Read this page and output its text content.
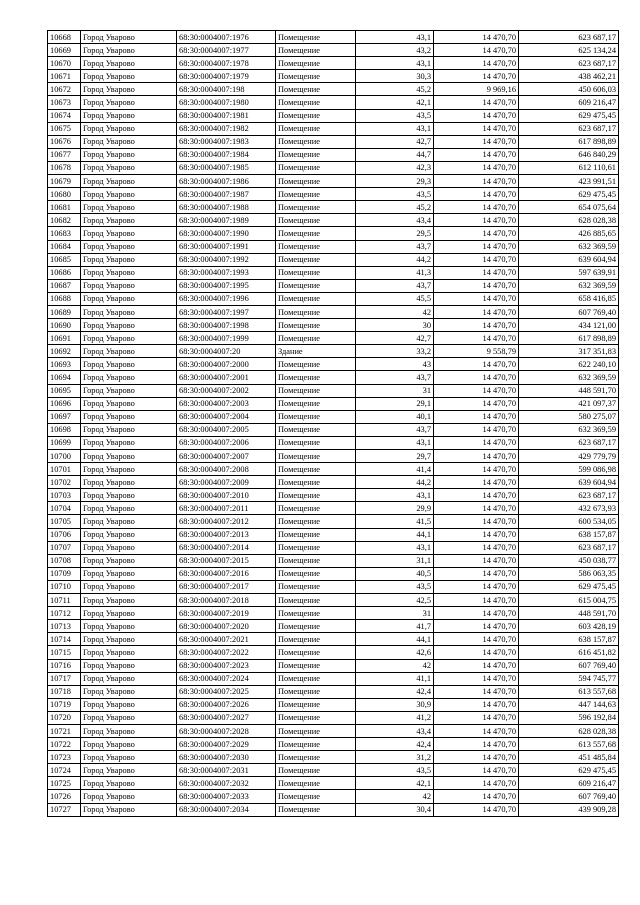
10668	Город Уварово	68:30:0004007:1976	Помещение	43,1	14 470,70	623 687,17
10669	Город Уварово	68:30:0004007:1977	Помещение	43,2	14 470,70	625 134,24
10670	Город Уварово	68:30:0004007:1978	Помещение	43,1	14 470,70	623 687,17
10671	Город Уварово	68:30:0004007:1979	Помещение	30,3	14 470,70	438 462,21
10672	Город Уварово	68:30:0004007:198	Помещение	45,2	9 969,16	450 606,03
10673	Город Уварово	68:30:0004007:1980	Помещение	42,1	14 470,70	609 216,47
10674	Город Уварово	68:30:0004007:1981	Помещение	43,5	14 470,70	629 475,45
10675	Город Уварово	68:30:0004007:1982	Помещение	43,1	14 470,70	623 687,17
10676	Город Уварово	68:30:0004007:1983	Помещение	42,7	14 470,70	617 898,89
10677	Город Уварово	68:30:0004007:1984	Помещение	44,7	14 470,70	646 840,29
10678	Город Уварово	68:30:0004007:1985	Помещение	42,3	14 470,70	612 110,61
10679	Город Уварово	68:30:0004007:1986	Помещение	29,3	14 470,70	423 991,51
10680	Город Уварово	68:30:0004007:1987	Помещение	43,5	14 470,70	629 475,45
10681	Город Уварово	68:30:0004007:1988	Помещение	45,2	14 470,70	654 075,64
10682	Город Уварово	68:30:0004007:1989	Помещение	43,4	14 470,70	628 028,38
10683	Город Уварово	68:30:0004007:1990	Помещение	29,5	14 470,70	426 885,65
10684	Город Уварово	68:30:0004007:1991	Помещение	43,7	14 470,70	632 369,59
10685	Город Уварово	68:30:0004007:1992	Помещение	44,2	14 470,70	639 604,94
10686	Город Уварово	68:30:0004007:1993	Помещение	41,3	14 470,70	597 639,91
10687	Город Уварово	68:30:0004007:1995	Помещение	43,7	14 470,70	632 369,59
10688	Город Уварово	68:30:0004007:1996	Помещение	45,5	14 470,70	658 416,85
10689	Город Уварово	68:30:0004007:1997	Помещение	42	14 470,70	607 769,40
10690	Город Уварово	68:30:0004007:1998	Помещение	30	14 470,70	434 121,00
10691	Город Уварово	68:30:0004007:1999	Помещение	42,7	14 470,70	617 898,89
10692	Город Уварово	68:30:0004007:20	Здание	33,2	9 558,79	317 351,83
10693	Город Уварово	68:30:0004007:2000	Помещение	43	14 470,70	622 240,10
10694	Город Уварово	68:30:0004007:2001	Помещение	43,7	14 470,70	632 369,59
10695	Город Уварово	68:30:0004007:2002	Помещение	31	14 470,70	448 591,70
10696	Город Уварово	68:30:0004007:2003	Помещение	29,1	14 470,70	421 097,37
10697	Город Уварово	68:30:0004007:2004	Помещение	40,1	14 470,70	580 275,07
10698	Город Уварово	68:30:0004007:2005	Помещение	43,7	14 470,70	632 369,59
10699	Город Уварово	68:30:0004007:2006	Помещение	43,1	14 470,70	623 687,17
10700	Город Уварово	68:30:0004007:2007	Помещение	29,7	14 470,70	429 779,79
10701	Город Уварово	68:30:0004007:2008	Помещение	41,4	14 470,70	599 086,98
10702	Город Уварово	68:30:0004007:2009	Помещение	44,2	14 470,70	639 604,94
10703	Город Уварово	68:30:0004007:2010	Помещение	43,1	14 470,70	623 687,17
10704	Город Уварово	68:30:0004007:2011	Помещение	29,9	14 470,70	432 673,93
10705	Город Уварово	68:30:0004007:2012	Помещение	41,5	14 470,70	600 534,05
10706	Город Уварово	68:30:0004007:2013	Помещение	44,1	14 470,70	638 157,87
10707	Город Уварово	68:30:0004007:2014	Помещение	43,1	14 470,70	623 687,17
10708	Город Уварово	68:30:0004007:2015	Помещение	31,1	14 470,70	450 038,77
10709	Город Уварово	68:30:0004007:2016	Помещение	40,5	14 470,70	586 063,35
10710	Город Уварово	68:30:0004007:2017	Помещение	43,5	14 470,70	629 475,45
10711	Город Уварово	68:30:0004007:2018	Помещение	42,5	14 470,70	615 004,75
10712	Город Уварово	68:30:0004007:2019	Помещение	31	14 470,70	448 591,70
10713	Город Уварово	68:30:0004007:2020	Помещение	41,7	14 470,70	603 428,19
10714	Город Уварово	68:30:0004007:2021	Помещение	44,1	14 470,70	638 157,87
10715	Город Уварово	68:30:0004007:2022	Помещение	42,6	14 470,70	616 451,82
10716	Город Уварово	68:30:0004007:2023	Помещение	42	14 470,70	607 769,40
10717	Город Уварово	68:30:0004007:2024	Помещение	41,1	14 470,70	594 745,77
10718	Город Уварово	68:30:0004007:2025	Помещение	42,4	14 470,70	613 557,68
10719	Город Уварово	68:30:0004007:2026	Помещение	30,9	14 470,70	447 144,63
10720	Город Уварово	68:30:0004007:2027	Помещение	41,2	14 470,70	596 192,84
10721	Город Уварово	68:30:0004007:2028	Помещение	43,4	14 470,70	628 028,38
10722	Город Уварово	68:30:0004007:2029	Помещение	42,4	14 470,70	613 557,68
10723	Город Уварово	68:30:0004007:2030	Помещение	31,2	14 470,70	451 485,84
10724	Город Уварово	68:30:0004007:2031	Помещение	43,5	14 470,70	629 475,45
10725	Город Уварово	68:30:0004007:2032	Помещение	42,1	14 470,70	609 216,47
10726	Город Уварово	68:30:0004007:2033	Помещение	42	14 470,70	607 769,40
10727	Город Уварово	68:30:0004007:2034	Помещение	30,4	14 470,70	439 909,28
